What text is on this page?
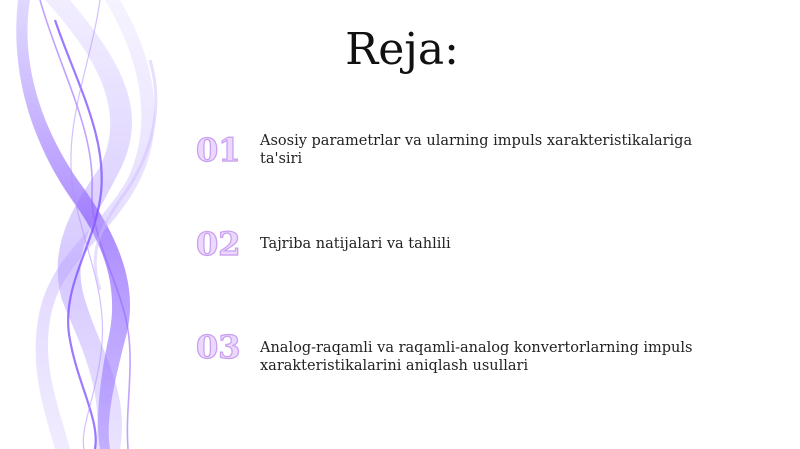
Reja:
01	Asosiy parametrlar va ularning impuls xarakteristikalariga ta'siri
02	Tajriba natijalari va tahlili
03	Analog-raqamli va raqamli-analog konvertorlarning impuls xarakteristikalarini aniqlash usullari
